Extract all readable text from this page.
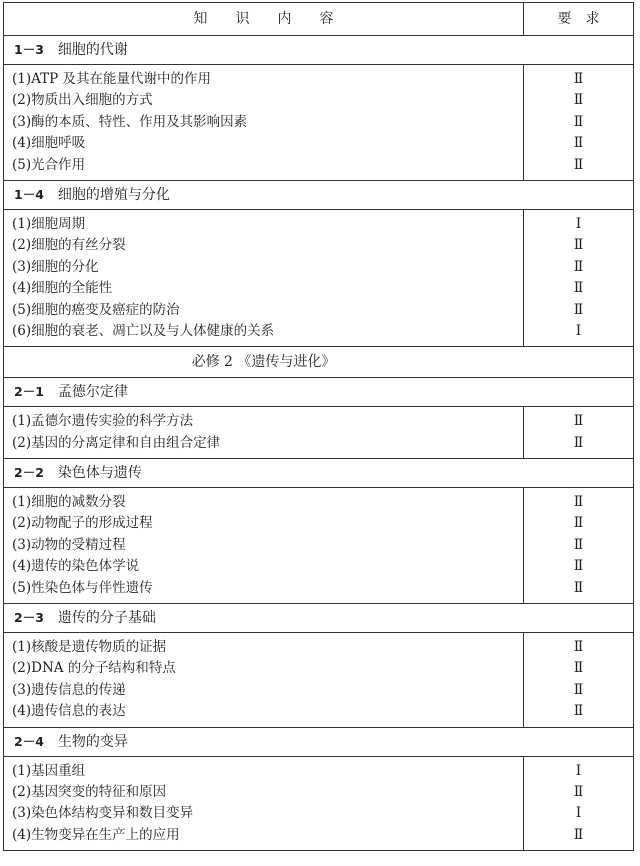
知识内容	要求
1－3 细胞的代谢
(1)ATP 及其在能量代谢中的作用	Ⅱ
(2)物质出入细胞的方式	Ⅱ
(3)酶的本质、特性、作用及其影响因素	Ⅱ
(4)细胞呼吸	Ⅱ
(5)光合作用	Ⅱ
1－4 细胞的增殖与分化
(1)细胞周期	Ⅰ
(2)细胞的有丝分裂	Ⅱ
(3)细胞的分化	Ⅱ
(4)细胞的全能性	Ⅱ
(5)细胞的癌变及癌症的防治	Ⅱ
(6)细胞的衰老、凋亡以及与人体健康的关系	Ⅰ
必修 2 《遗传与进化》
2－1 孟德尔定律
(1)孟德尔遗传实验的科学方法	Ⅱ
(2)基因的分离定律和自由组合定律	Ⅱ
2－2 染色体与遗传
(1)细胞的减数分裂	Ⅱ
(2)动物配子的形成过程	Ⅱ
(3)动物的受精过程	Ⅱ
(4)遗传的染色体学说	Ⅱ
(5)性染色体与伴性遗传	Ⅱ
2－3 遗传的分子基础
(1)核酸是遗传物质的证据	Ⅱ
(2)DNA 的分子结构和特点	Ⅱ
(3)遗传信息的传递	Ⅱ
(4)遗传信息的表达	Ⅱ
2－4 生物的变异
(1)基因重组	Ⅰ
(2)基因突变的特征和原因	Ⅱ
(3)染色体结构变异和数目变异	Ⅰ
(4)生物变异在生产上的应用	Ⅱ
